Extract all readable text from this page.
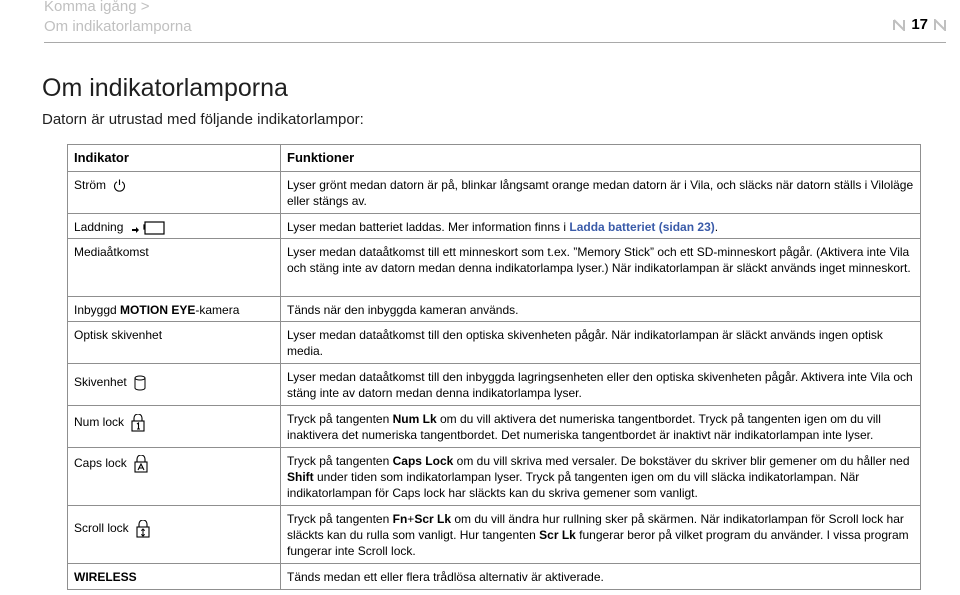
Komma igång >
Om indikatorlamporna	17
Om indikatorlamporna
Datorn är utrustad med följande indikatorlampor:
Indikator	Funktioner
Ström	Lyser grönt medan datorn är på, blinkar långsamt orange medan datorn är i Vila, och släcks när datorn ställs i Viloläge eller stängs av.
Laddning	Lyser medan batteriet laddas. Mer information finns i Ladda batteriet (sidan 23).
Mediaåtkomst	Lyser medan dataåtkomst till ett minneskort som t.ex. ”Memory Stick” och ett SD-minneskort pågår. (Aktivera inte Vila och stäng inte av datorn medan denna indikatorlampa lyser.) När indikatorlampan är släckt används inget minneskort.
Inbyggd MOTION EYE-kamera	Tänds när den inbyggda kameran används.
Optisk skivenhet	Lyser medan dataåtkomst till den optiska skivenheten pågår. När indikatorlampan är släckt används ingen optisk media.
Skivenhet	Lyser medan dataåtkomst till den inbyggda lagringsenheten eller den optiska skivenheten pågår. Aktivera inte Vila och stäng inte av datorn medan denna indikatorlampa lyser.
Num lock	Tryck på tangenten Num Lk om du vill aktivera det numeriska tangentbordet. Tryck på tangenten igen om du vill inaktivera det numeriska tangentbordet. Det numeriska tangentbordet är inaktivt när indikatorlampan inte lyser.
Caps lock	Tryck på tangenten Caps Lock om du vill skriva med versaler. De bokstäver du skriver blir gemener om du håller ned Shift under tiden som indikatorlampan lyser. Tryck på tangenten igen om du vill släcka indikatorlampan. När indikatorlampan för Caps lock har släckts kan du skriva gemener som vanligt.
Scroll lock	Tryck på tangenten Fn+Scr Lk om du vill ändra hur rullning sker på skärmen. När indikatorlampan för Scroll lock har släckts kan du rulla som vanligt. Hur tangenten Scr Lk fungerar beror på vilket program du använder. I vissa program fungerar inte Scroll lock.
WIRELESS	Tänds medan ett eller flera trådlösa alternativ är aktiverade.
